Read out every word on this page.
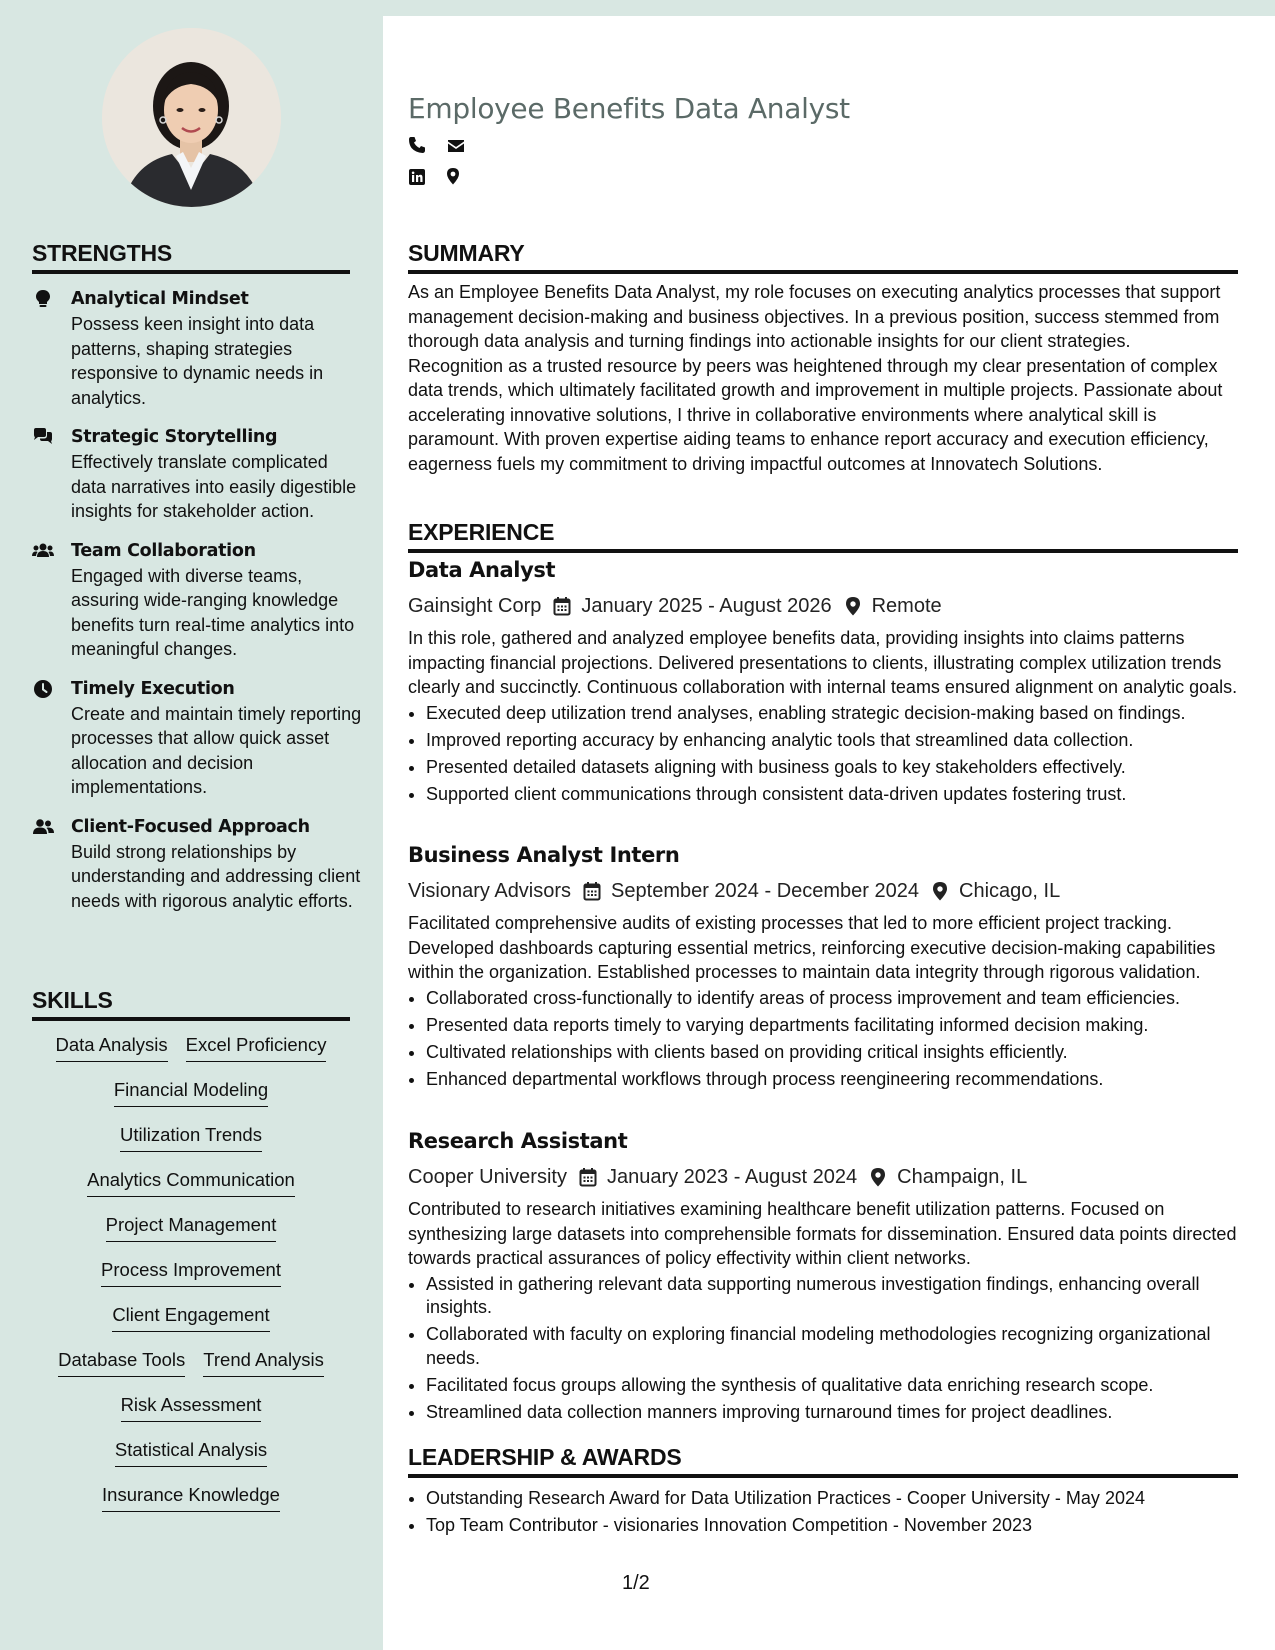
STRENGTHS
Analytical Mindset
Possess keen insight into data patterns, shaping strategies responsive to dynamic needs in analytics.
Strategic Storytelling
Effectively translate complicated data narratives into easily digestible insights for stakeholder action.
Team Collaboration
Engaged with diverse teams, assuring wide-ranging knowledge benefits turn real-time analytics into meaningful changes.
Timely Execution
Create and maintain timely reporting processes that allow quick asset allocation and decision implementations.
Client-Focused Approach
Build strong relationships by understanding and addressing client needs with rigorous analytic efforts.
SKILLS
Data Analysis Excel Proficiency
Financial Modeling
Utilization Trends
Analytics Communication
Project Management
Process Improvement
Client Engagement
Database Tools Trend Analysis
Risk Assessment
Statistical Analysis
Insurance Knowledge
Employee Benefits Data Analyst
SUMMARY

As an Employee Benefits Data Analyst, my role focuses on executing analytics processes that support management decision-making and business objectives. In a previous position, success stemmed from thorough data analysis and turning findings into actionable insights for our client strategies. Recognition as a trusted resource by peers was heightened through my clear presentation of complex data trends, which ultimately facilitated growth and improvement in multiple projects. Passionate about accelerating innovative solutions, I thrive in collaborative environments where analytical skill is paramount. With proven expertise aiding teams to enhance report accuracy and execution efficiency, eagerness fuels my commitment to driving impactful outcomes at Innovatech Solutions.

EXPERIENCE
Data Analyst
Gainsight Corp January 2025 - August 2026 Remote

In this role, gathered and analyzed employee benefits data, providing insights into claims patterns impacting financial projections. Delivered presentations to clients, illustrating complex utilization trends clearly and succinctly. Continuous collaboration with internal teams ensured alignment on analytic goals.

• Executed deep utilization trend analyses, enabling strategic decision-making based on findings.
• Improved reporting accuracy by enhancing analytic tools that streamlined data collection.
• Presented detailed datasets aligning with business goals to key stakeholders effectively.
• Supported client communications through consistent data-driven updates fostering trust.
Business Analyst Intern
Visionary Advisors September 2024 - December 2024 Chicago, IL

Facilitated comprehensive audits of existing processes that led to more efficient project tracking. Developed dashboards capturing essential metrics, reinforcing executive decision-making capabilities within the organization. Established processes to maintain data integrity through rigorous validation.

• Collaborated cross-functionally to identify areas of process improvement and team efficiencies.
• Presented data reports timely to varying departments facilitating informed decision making.
• Cultivated relationships with clients based on providing critical insights efficiently.
• Enhanced departmental workflows through process reengineering recommendations.
Research Assistant
Cooper University January 2023 - August 2024 Champaign, IL

Contributed to research initiatives examining healthcare benefit utilization patterns. Focused on synthesizing large datasets into comprehensible formats for dissemination. Ensured data points directed towards practical assurances of policy effectivity within client networks.

• Assisted in gathering relevant data supporting numerous investigation findings, enhancing overall insights.
• Collaborated with faculty on exploring financial modeling methodologies recognizing organizational needs.
• Facilitated focus groups allowing the synthesis of qualitative data enriching research scope.
• Streamlined data collection manners improving turnaround times for project deadlines.
LEADERSHIP & AWARDS
• Outstanding Research Award for Data Utilization Practices - Cooper University - May 2024
• Top Team Contributor - visionaries Innovation Competition - November 2023
1/2
